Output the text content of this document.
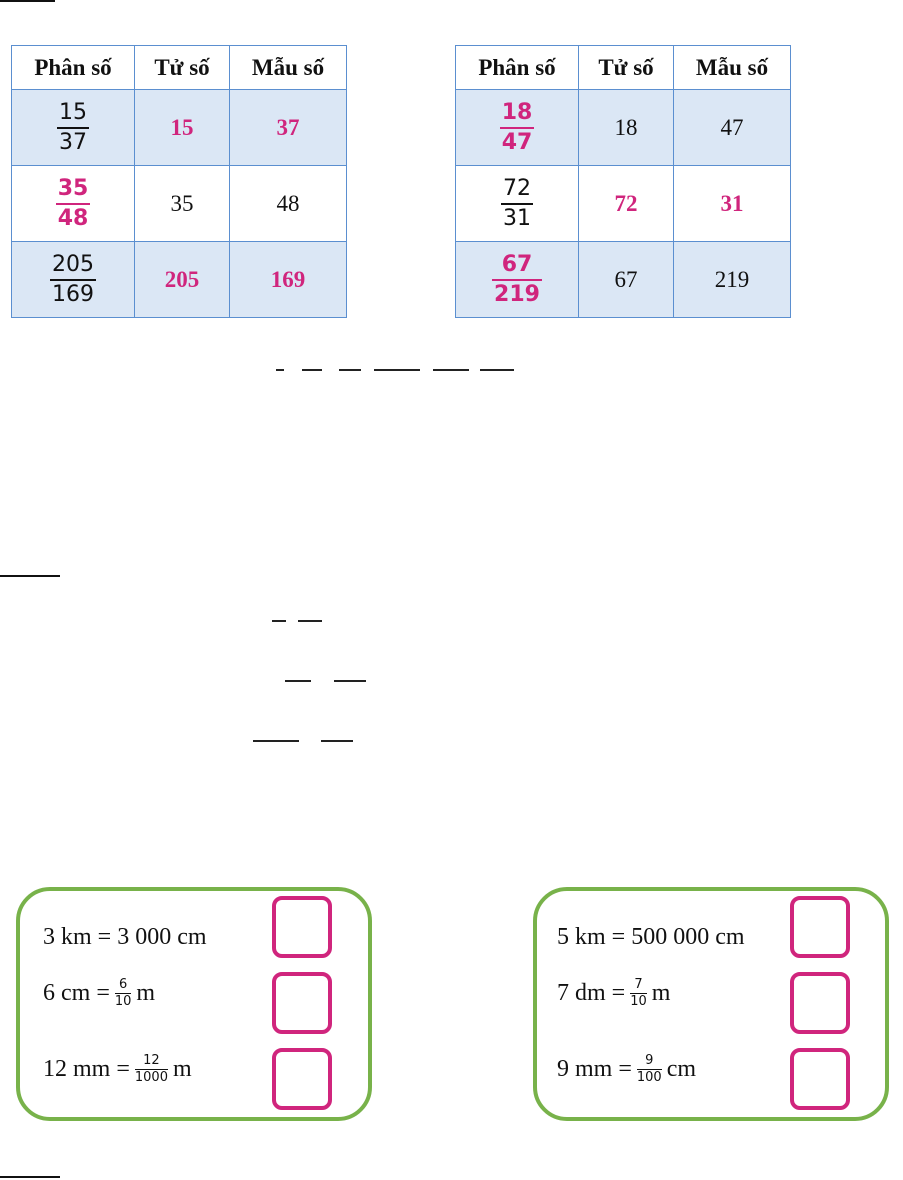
Phân số	Tử số	Mẫu số

$\frac{15}{37}$	15	37

$\frac{35}{48}$	35	48

$\frac{205}{169}$	205	169
Phân số	Tử số	Mẫu số

$\frac{18}{47}$	18	47

$\frac{72}{31}$	72	31

$\frac{67}{219}$	67	219
3 km = 3 000 cm
6 cm = 6
10 m
12 mm = 12
1000 m
5 km = 500 000 cm
7 dm = 7
10 m
9 mm = 9
100 cm
